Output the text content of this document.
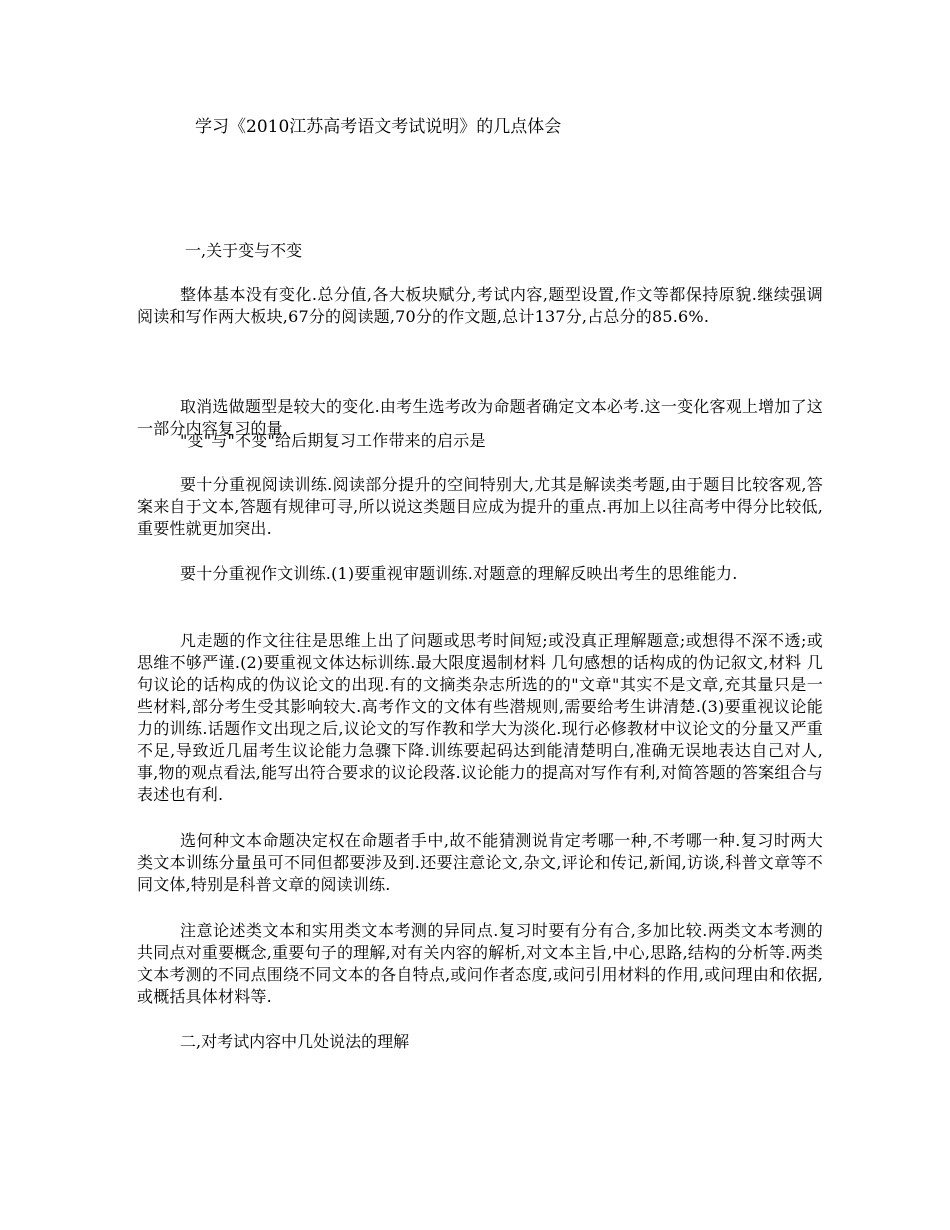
学习《2010江苏高考语文考试说明》的几点体会
一,关于变与不变

整体基本没有变化.总分值,各大板块赋分,考试内容,题型设置,作文等都保持原貌.继续强调阅读和写作两大板块,67分的阅读题,70分的作文题,总计137分,占总分的85.6%.

取消选做题型是较大的变化.由考生选考改为命题者确定文本必考.这一变化客观上增加了这一部分内容复习的量.

"变"与"不变"给后期复习工作带来的启示是

要十分重视阅读训练.阅读部分提升的空间特别大,尤其是解读类考题,由于题目比较客观,答案来自于文本,答题有规律可寻,所以说这类题目应成为提升的重点.再加上以往高考中得分比较低,重要性就更加突出.

要十分重视作文训练.(1)要重视审题训练.对题意的理解反映出考生的思维能力.

凡走题的作文往往是思维上出了问题或思考时间短;或没真正理解题意;或想得不深不透;或思维不够严谨.(2)要重视文体达标训练.最大限度遏制材料 几句感想的话构成的伪记叙文,材料 几句议论的话构成的伪议论文的出现.有的文摘类杂志所选的的"文章"其实不是文章,充其量只是一些材料,部分考生受其影响较大.高考作文的文体有些潜规则,需要给考生讲清楚.(3)要重视议论能力的训练.话题作文出现之后,议论文的写作教和学大为淡化.现行必修教材中议论文的分量又严重不足,导致近几届考生议论能力急骤下降.训练要起码达到能清楚明白,准确无误地表达自己对人,事,物的观点看法,能写出符合要求的议论段落.议论能力的提高对写作有利,对简答题的答案组合与表述也有利.

选何种文本命题决定权在命题者手中,故不能猜测说肯定考哪一种,不考哪一种.复习时两大类文本训练分量虽可不同但都要涉及到.还要注意论文,杂文,评论和传记,新闻,访谈,科普文章等不同文体,特别是科普文章的阅读训练.

注意论述类文本和实用类文本考测的异同点.复习时要有分有合,多加比较.两类文本考测的共同点对重要概念,重要句子的理解,对有关内容的解析,对文本主旨,中心,思路,结构的分析等.两类文本考测的不同点围绕不同文本的各自特点,或问作者态度,或问引用材料的作用,或问理由和依据,或概括具体材料等.

二,对考试内容中几处说法的理解
